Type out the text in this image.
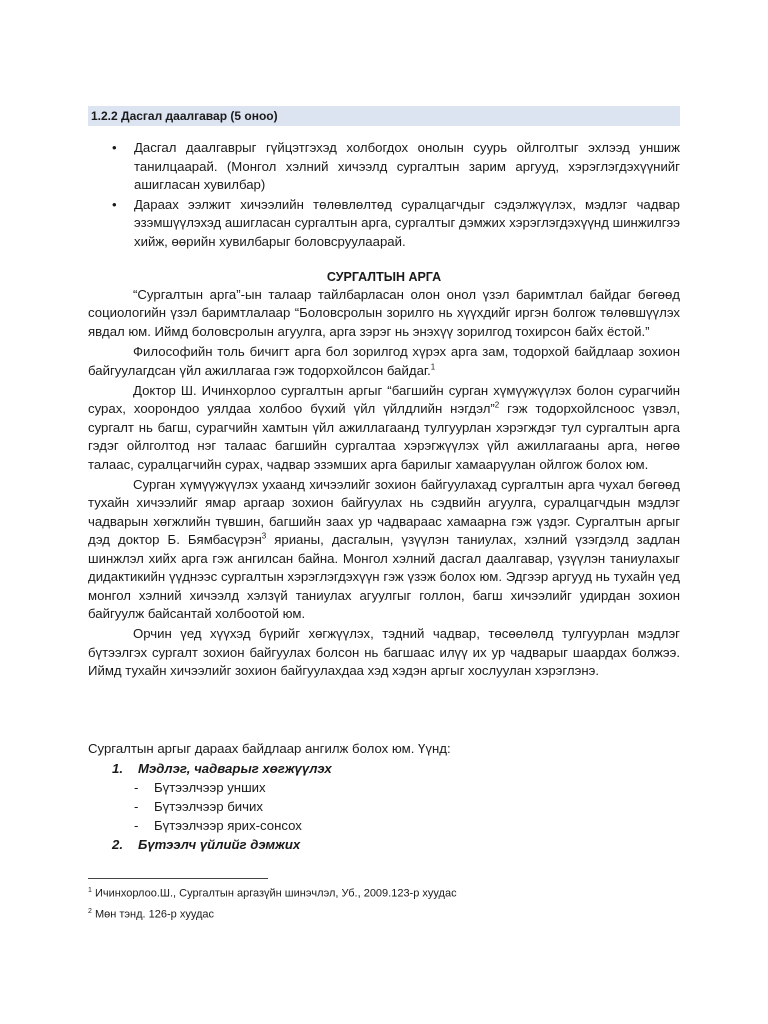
1.2.2 Дасгал даалгавар (5 оноо)
• Дасгал даалгаврыг гүйцэтгэхэд холбогдох онолын суурь ойлголтыг эхлээд уншиж танилцаарай. (Монгол хэлний хичээлд сургалтын зарим аргууд, хэрэглэгдэхүүнийг ашигласан хувилбар)
• Дараах ээлжит хичээлийн төлөвлөлтөд суралцагчдыг сэдэлжүүлэх, мэдлэг чадвар эзэмшүүлэхэд ашигласан сургалтын арга, сургалтыг дэмжих хэрэглэгдэхүүнд шинжилгээ хийж, өөрийн хувилбарыг боловсруулаарай.
СУРГАЛТЫН АРГА

“Сургалтын арга”-ын талаар тайлбарласан олон онол үзэл баримтлал байдаг бөгөөд социологийн үзэл баримтлалаар “Боловсролын зорилго нь хүүхдийг иргэн болгож төлөвшүүлэх явдал юм. Иймд боловсролын агуулга, арга зэрэг нь энэхүү зорилгод тохирсон байх ёстой.”

Философийн толь бичигт арга бол зорилгод хүрэх арга зам, тодорхой байдлаар зохион байгуулагдсан үйл ажиллагаа гэж тодорхойлсон байдаг.$^1$

Доктор Ш. Ичинхорлоо сургалтын аргыг “багшийн сурган хүмүүжүүлэх болон сурагчийн сурах, хоорондоо уялдаа холбоо бүхий үйл үйлдлийн нэгдэл”$^2$ гэж тодорхойлсноос үзвэл, сургалт нь багш, сурагчийн хамтын үйл ажиллагаанд тулгуурлан хэрэгждэг тул сургалтын арга гэдэг ойлголтод нэг талаас багшийн сургалтаа хэрэгжүүлэх үйл ажиллагааны арга, нөгөө талаас, суралцагчийн сурах, чадвар эзэмших арга барилыг хамаарүулан ойлгож болох юм.

Сурган хүмүүжүүлэх ухаанд хичээлийг зохион байгуулахад сургалтын арга чухал бөгөөд тухайн хичээлийг ямар аргаар зохион байгуулах нь сэдвийн агуулга, суралцагчдын мэдлэг чадварын хөгжлийн түвшин, багшийн заах ур чадвараас хамаарна гэж үздэг. Сургалтын аргыг дэд доктор Б. Бямбасүрэн$^3$ ярианы, дасгалын, үзүүлэн таниулах, хэлний үзэгдэлд задлан шинжлэл хийх арга гэж ангилсан байна. Монгол хэлний дасгал даалгавар, үзүүлэн таниулахыг дидактикийн үүднээс сургалтын хэрэглэгдэхүүн гэж үзэж болох юм. Эдгээр аргууд нь тухайн үед монгол хэлний хичээлд хэлзүй таниулах агуулгыг голлон, багш хичээлийг удирдан зохион байгуулж байсантай холбоотой юм.

Орчин үед хүүхэд бүрийг хөгжүүлэх, тэдний чадвар, төсөөлөлд тулгуурлан мэдлэг бүтээлгэх сургалт зохион байгуулах болсон нь багшаас илүү их ур чадварыг шаардах болжээ. Иймд тухайн хичээлийг зохион байгуулахдаа хэд хэдэн аргыг хослуулан хэрэглэнэ.

Сургалтын аргыг дараах байдлаар ангилж болох юм. Үүнд:
1. Мэдлэг, чадварыг хөгжүүлэх
- Бүтээлчээр унших
- Бүтээлчээр бичих
- Бүтээлчээр ярих-сонсох
2. Бүтээлч үйлийг дэмжих
$^1$ Ичинхорлоо.Ш., Сургалтын аргазүйн шинэчлэл, Уб., 2009.123-р хуудас
$^2$ Мөн тэнд. 126-р хуудас
